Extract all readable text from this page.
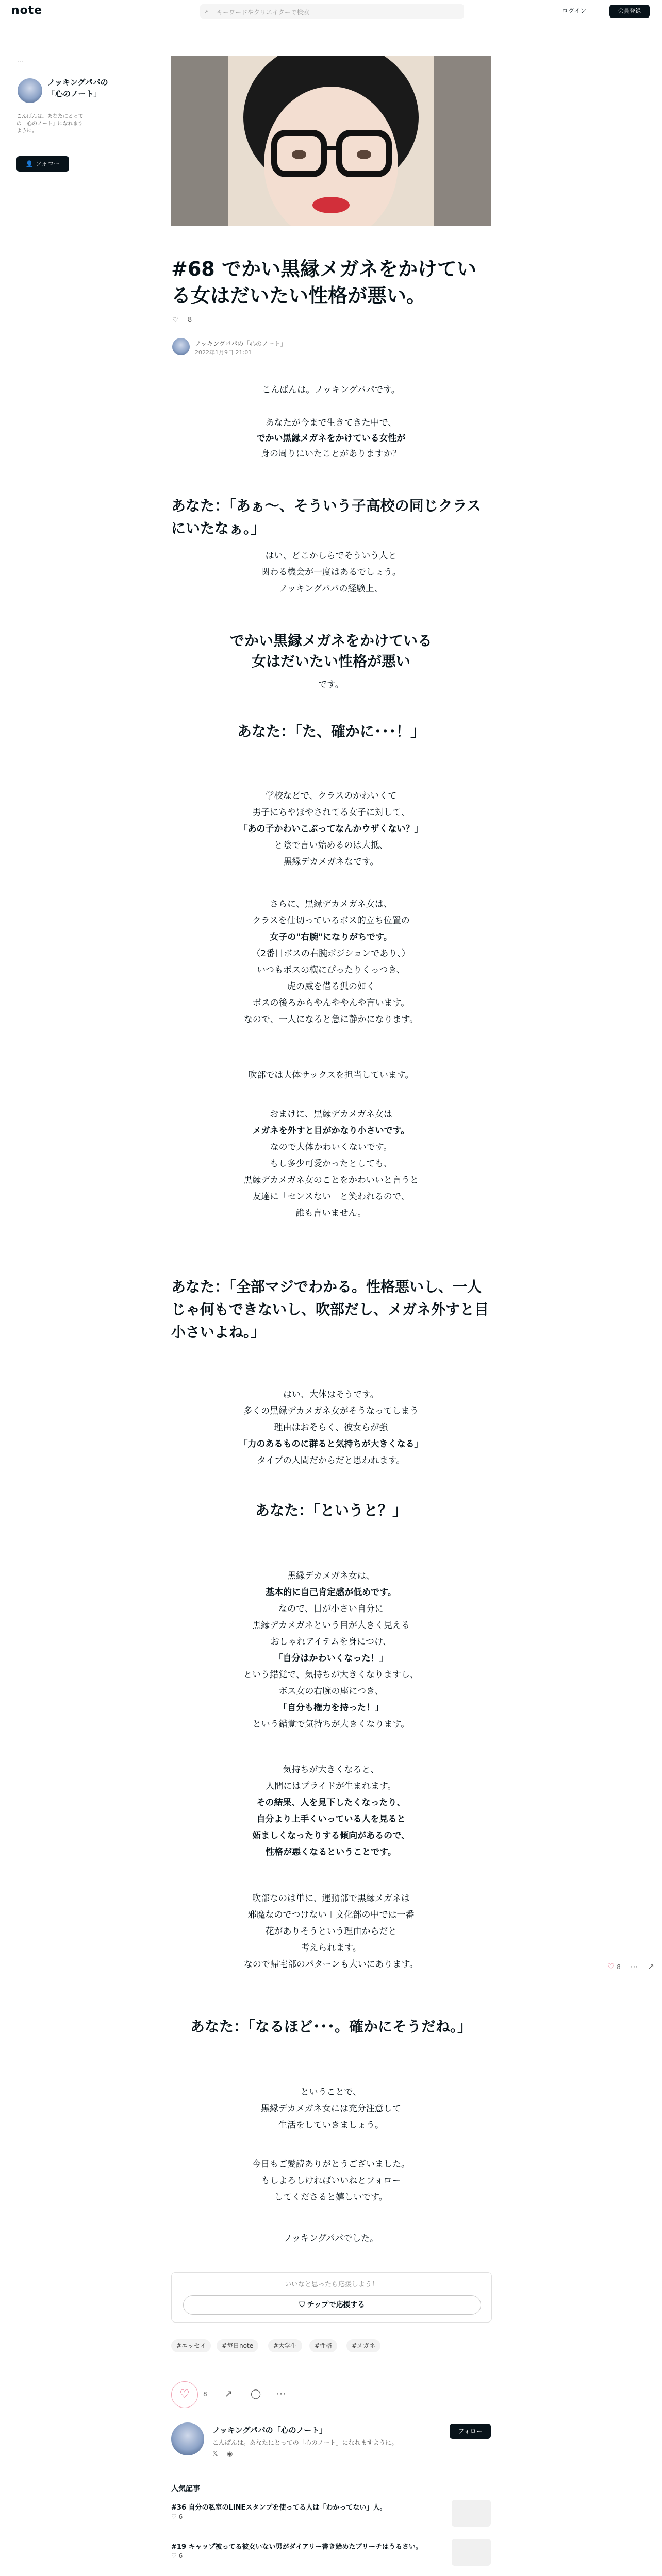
note	⌕	キーワードやクリエイターで検索	ログイン	会員登録
…
ノッキングパパの
「心のノート」
こんばんは。あなたにとっての「心のノート」になれますように。
👤 フォロー
#68 でかい黒縁メガネをかけている女はだいたい性格が悪い。
♡ 8
ノッキングパパの「心のノート」
2022年1月9日 21:01
こんばんは。ノッキングパパです。
あなたが今まで生きてきた中で、
でかい黒縁メガネをかけている女性が
身の周りにいたことがありますか？
あなた：「あぁ〜、そういう子高校の同じクラスにいたなぁ。」
はい、どこかしらでそういう人と
関わる機会が一度はあるでしょう。
ノッキングパパの経験上、
でかい黒縁メガネをかけている
女はだいたい性格が悪い
です。
あなた：「た、確かに･･･！」
学校などで、クラスのかわいくて
男子にちやほやされてる女子に対して、
「あの子かわいこぶってなんかウザくない？」
と陰で言い始めるのは大抵、
黒縁デカメガネなです。
さらに、黒縁デカメガネ女は、
クラスを仕切っているボス的立ち位置の
女子の"右腕"になりがちです。
（2番目ボスの右腕ポジションであり、）
いつもボスの横にぴったりくっつき、
虎の威を借る狐の如く
ボスの後ろからやんややんや言います。
なので、一人になると急に静かになります。
吹部では大体サックスを担当しています。
おまけに、黒縁デカメガネ女は
メガネを外すと目がかなり小さいです。
なので大体かわいくないです。
もし多少可愛かったとしても、
黒縁デカメガネ女のことをかわいいと言うと
友達に「センスない」と笑われるので、
誰も言いません。
あなた：「全部マジでわかる。性格悪いし、一人じゃ何もできないし、吹部だし、メガネ外すと目小さいよね。」
はい、大体はそうです。
多くの黒縁デカメガネ女がそうなってしまう
理由はおそらく、彼女らが強
「力のあるものに群ると気持ちが大きくなる」
タイプの人間だからだと思われます。
あなた：「というと？」
黒縁デカメガネ女は、
基本的に自己肯定感が低めです。
なので、目が小さい自分に
黒縁デカメガネという目が大きく見える
おしゃれアイテムを身につけ、
「自分はかわいくなった！」
という錯覚で、気持ちが大きくなりますし、
ボス女の右腕の座につき、
「自分も権力を持った！」
という錯覚で気持ちが大きくなります。
気持ちが大きくなると、
人間にはプライドが生まれます。
その結果、人を見下したくなったり、
自分より上手くいっている人を見ると
妬ましくなったりする傾向があるので、
性格が悪くなるということです。
吹部なのは単に、運動部で黒縁メガネは
邪魔なのでつけない＋文化部の中では一番
花がありそうという理由からだと
考えられます。
なので帰宅部のパターンも大いにあります。
あなた：「なるほど･･･。確かにそうだね。」
ということで、
黒縁デカメガネ女には充分注意して
生活をしていきましょう。
今日もご愛読ありがとうございました。
もしよろしければいいねとフォロー
してくださると嬉しいです。
ノッキングパパでした。
いいなと思ったら応援しよう！
⛉ チップで応援する
#エッセイ	#毎日note	#大学生	#性格	#メガネ
♡	8 ↗ ◯ ⋯
ノッキングパパの「心のノート」
こんばんは。あなたにとっての「心のノート」になれますように。
𝕏 ◉
フォロー
人気記事
#36 自分の私室のLINEスタンプを使ってる人は「わかってない」人。
♡ 6
#19 キャップ被ってる彼女いない男がダイアリー書き始めたブリーチはうるさい。
♡ 6
♡ 8 ⋯ ↗
